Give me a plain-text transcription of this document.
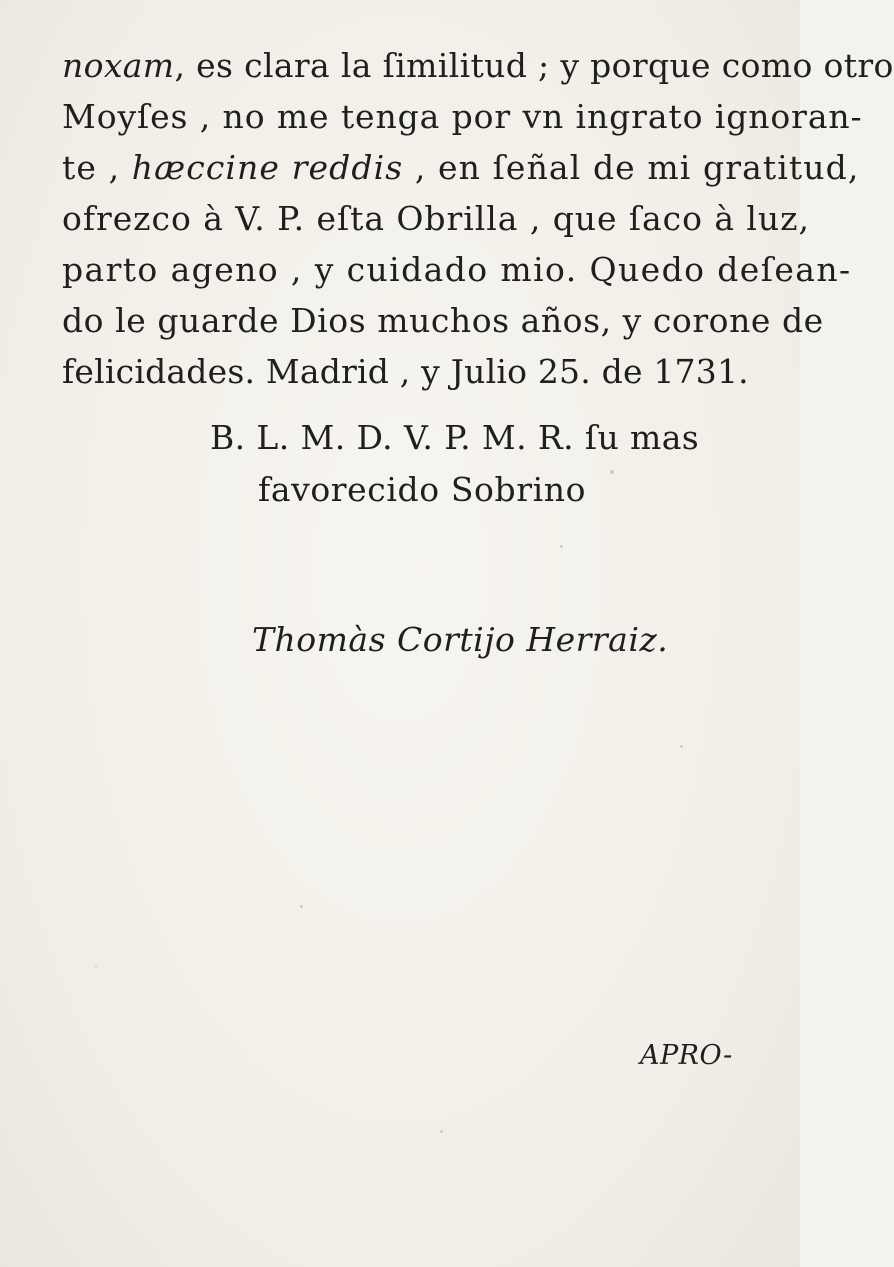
noxam, es clara la ſimilitud ; y porque como otro

Moyſes , no me tenga por vn ingrato ignoran-

te , hæccine reddis , en ſeñal de mi gratitud,

ofrezco à V. P. eſta Obrilla , que ſaco à luz,

parto ageno , y cuidado mio. Quedo deſean-

do le guarde Dios muchos años, y corone de

felicidades. Madrid , y Julio 25. de 1731.

B. L. M. D. V. P. M. R. ſu mas

favorecido Sobrino

Thomàs Cortijo Herraiz.
APRO-
